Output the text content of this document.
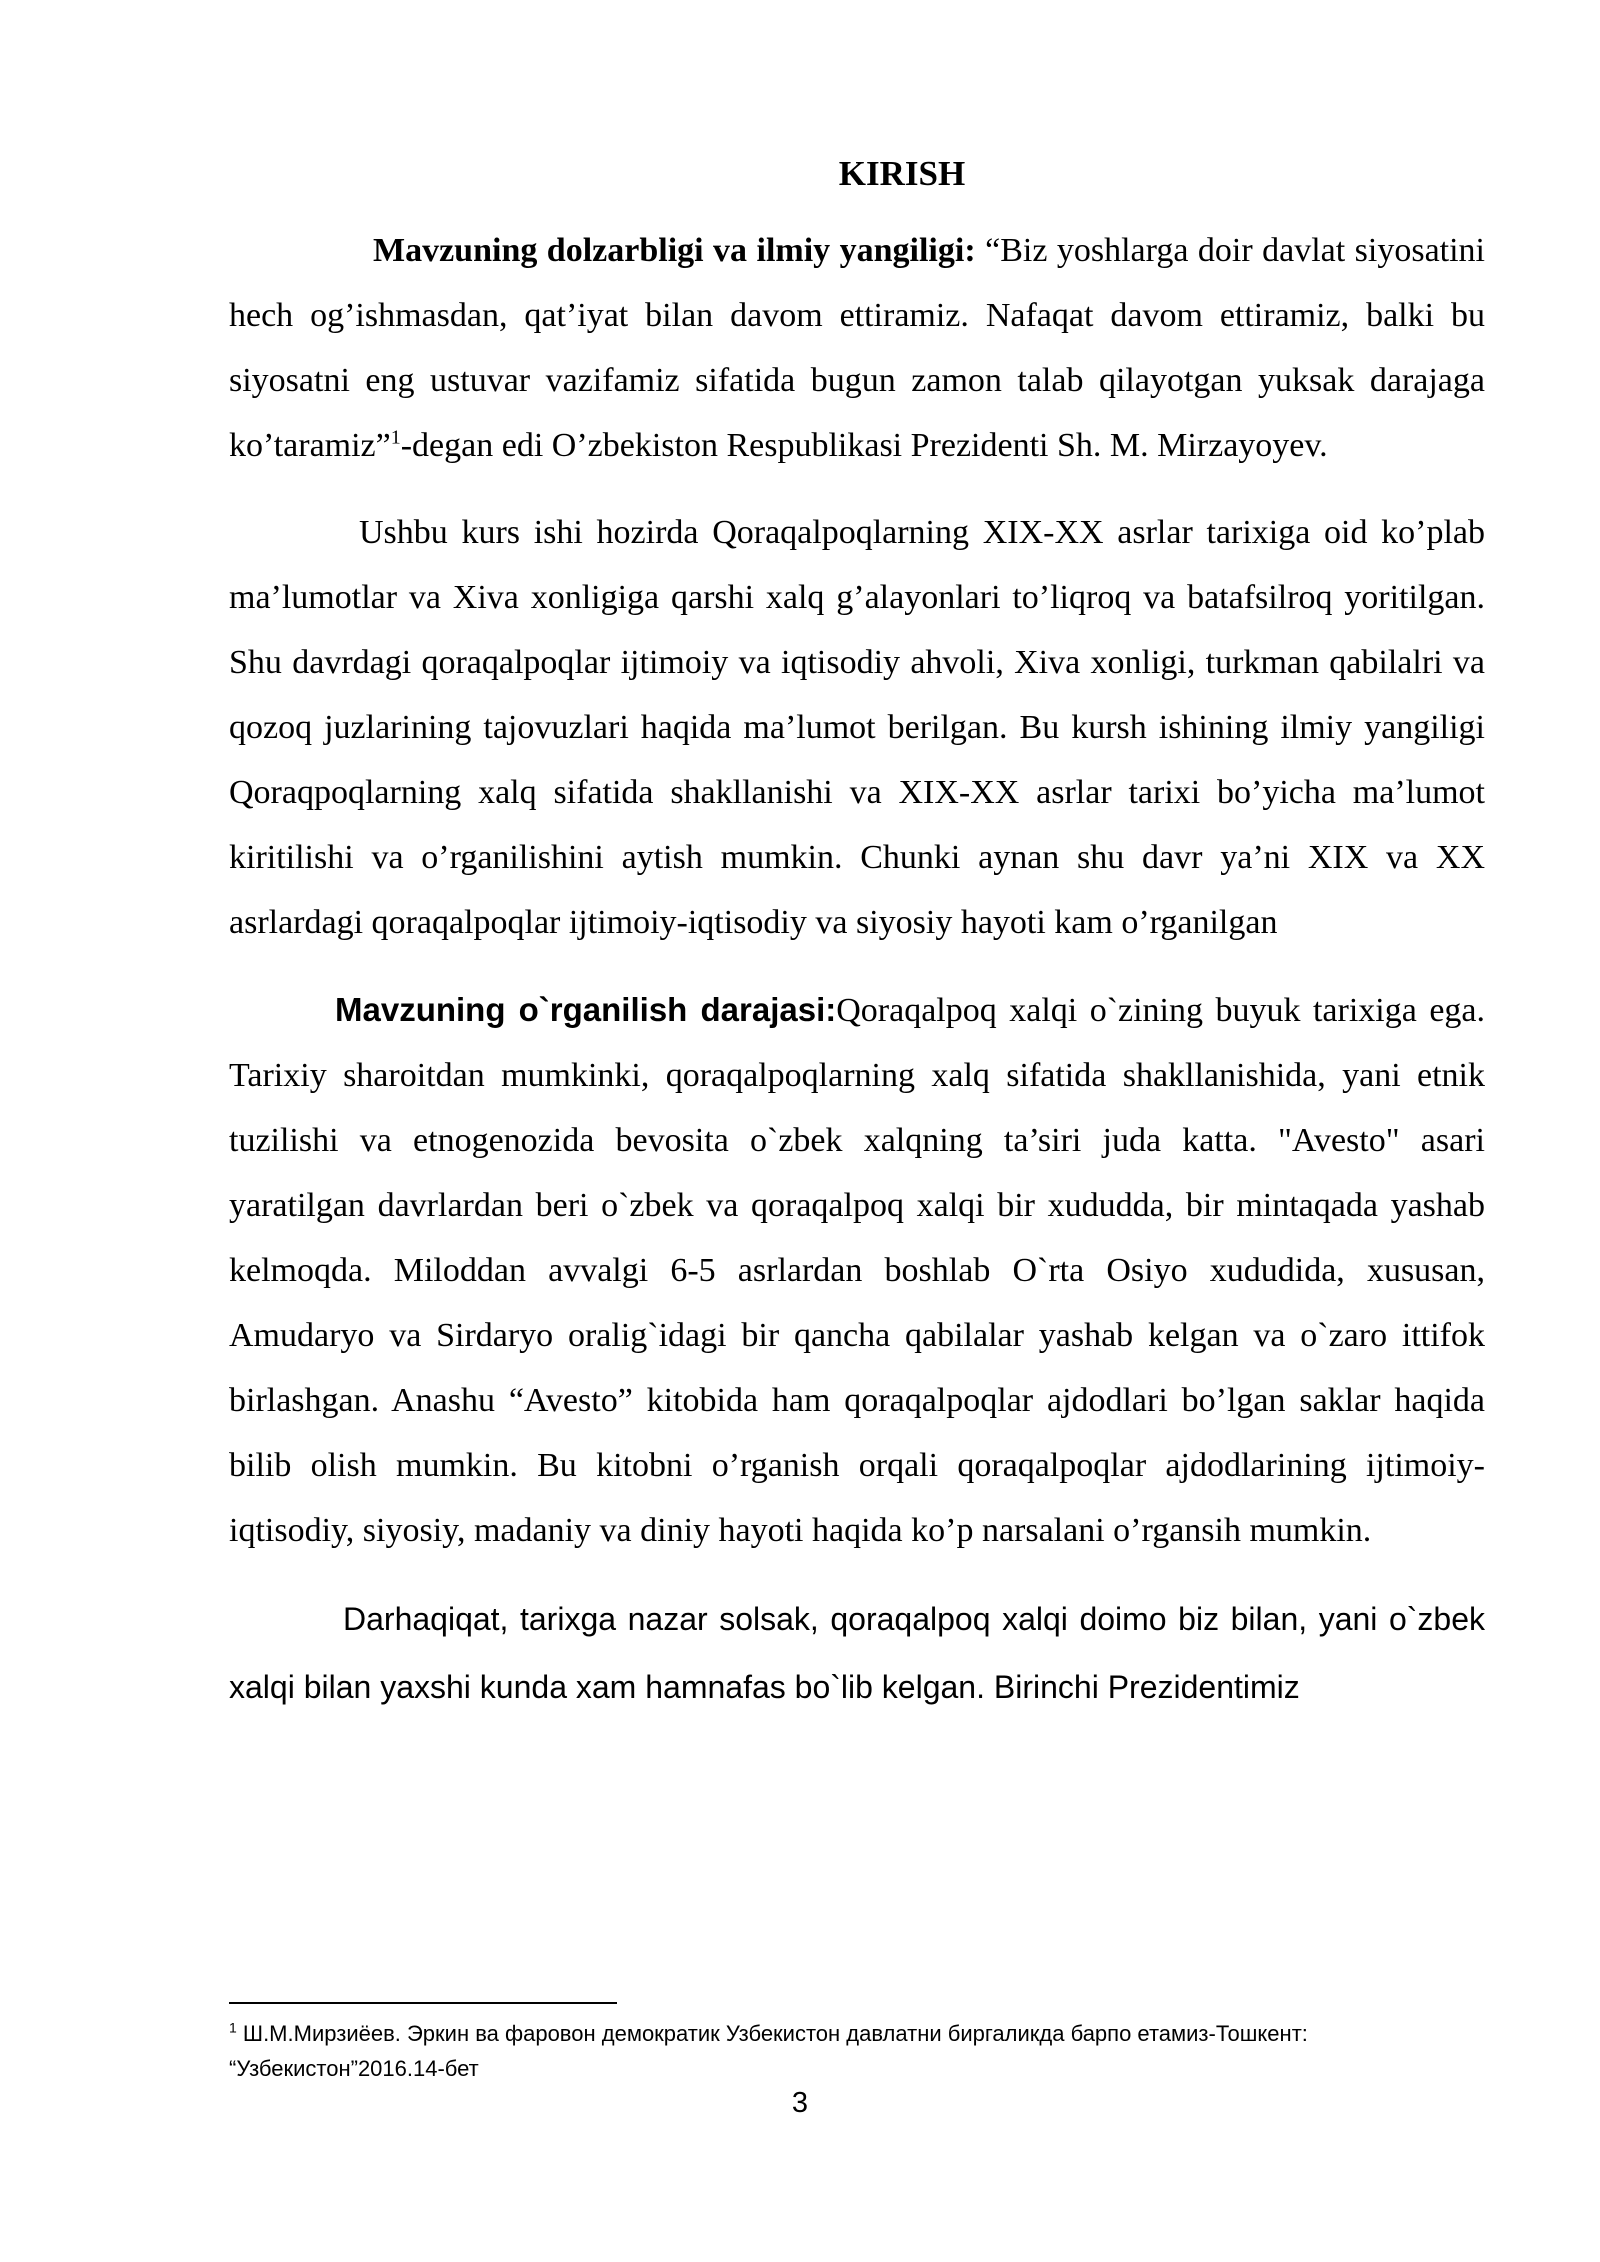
KIRISH

Mavzuning dolzarbligi va ilmiy yangiligi: “Biz yoshlarga doir davlat siyosatini hech og’ishmasdan, qat’iyat bilan davom ettiramiz. Nafaqat davom ettiramiz, balki bu siyosatni eng ustuvar vazifamiz sifatida bugun zamon talab qilayotgan yuksak darajaga ko’taramiz”$^1$-degan edi O’zbekiston Respublikasi Prezidenti Sh. M. Mirzayoyev.

Ushbu kurs ishi hozirda Qoraqalpoqlarning XIX-XX asrlar tarixiga oid ko’plab ma’lumotlar va Xiva xonligiga qarshi xalq g’alayonlari to’liqroq va batafsilroq yoritilgan. Shu davrdagi qoraqalpoqlar ijtimoiy va iqtisodiy ahvoli, Xiva xonligi, turkman qabilalri va qozoq juzlarining tajovuzlari haqida ma’lumot berilgan. Bu kursh ishining ilmiy yangiligi Qoraqpoqlarning xalq sifatida shakllanishi va XIX-XX asrlar tarixi bo’yicha ma’lumot kiritilishi va o’rganilishini aytish mumkin. Chunki aynan shu davr ya’ni XIX va XX asrlardagi qoraqalpoqlar ijtimoiy-iqtisodiy va siyosiy hayoti kam o’rganilgan

Mavzuning o`rganilish darajasi:Qoraqalpoq xalqi o`zining buyuk tarixiga ega. Tarixiy sharoitdan mumkinki, qoraqalpoqlarning xalq sifatida shakllanishida, yani etnik tuzilishi va etnogenozida bevosita o`zbek xalqning ta’siri juda katta. "Avesto" asari yaratilgan davrlardan beri o`zbek va qoraqalpoq xalqi bir xududda, bir mintaqada yashab kelmoqda. Miloddan avvalgi 6-5 asrlardan boshlab O`rta Osiyo xududida, xususan, Amudaryo va Sirdaryo oralig`idagi bir qancha qabilalar yashab kelgan va o`zaro ittifok birlashgan. Anashu “Avesto” kitobida ham qoraqalpoqlar ajdodlari bo’lgan saklar haqida bilib olish mumkin. Bu kitobni o’rganish orqali qoraqalpoqlar ajdodlarining ijtimoiy-iqtisodiy, siyosiy, madaniy va diniy hayoti haqida ko’p narsalani o’rgansih mumkin.

Darhaqiqat, tarixga nazar solsak, qoraqalpoq xalqi doimo biz bilan, yani o`zbek xalqi bilan yaxshi kunda xam hamnafas bo`lib kelgan. Birinchi Prezidentimiz

$^1$ Ш.М.Мирзиёев. Эркин ва фаровон демократик Узбекистон давлатни биргаликда барпо етамиз-Тошкент: “Узбекистон”2016.14-бет
3
